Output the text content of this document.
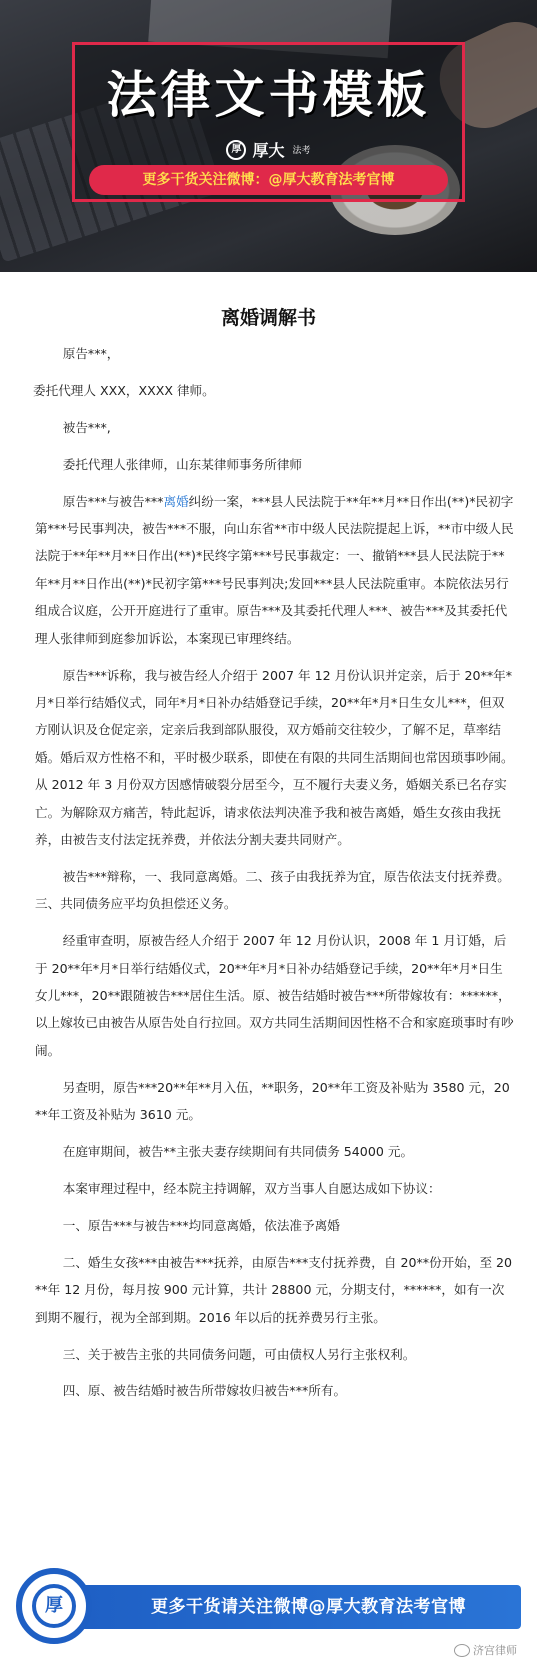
法律文书模板
厚 厚大 法考
更多干货关注微博：@厚大教育法考官博
离婚调解书

原告***，

委托代理人 XXX，XXXX 律师。

被告***,

委托代理人张律师，山东某律师事务所律师

原告***与被告***离婚纠纷一案，***县人民法院于**年**月**日作出(**)*民初字第***号民事判决，被告***不服，向山东省**市中级人民法院提起上诉，**市中级人民法院于**年**月**日作出(**)*民终字第***号民事裁定：一、撤销***县人民法院于**年**月**日作出(**)*民初字第***号民事判决;发回***县人民法院重审。本院依法另行组成合议庭，公开开庭进行了重审。原告***及其委托代理人***、被告***及其委托代理人张律师到庭参加诉讼，本案现已审理终结。

原告***诉称，我与被告经人介绍于 2007 年 12 月份认识并定亲，后于 20**年*月*日举行结婚仪式，同年*月*日补办结婚登记手续，20**年*月*日生女儿***，但双方刚认识及仓促定亲，定亲后我到部队服役，双方婚前交往较少，了解不足，草率结婚。婚后双方性格不和，平时极少联系，即使在有限的共同生活期间也常因琐事吵闹。从 2012 年 3 月份双方因感情破裂分居至今，互不履行夫妻义务，婚姻关系已名存实亡。为解除双方痛苦，特此起诉，请求依法判决准予我和被告离婚，婚生女孩由我抚养，由被告支付法定抚养费，并依法分割夫妻共同财产。

被告***辩称，一、我同意离婚。二、孩子由我抚养为宜，原告依法支付抚养费。三、共同债务应平均负担偿还义务。

经重审查明，原被告经人介绍于 2007 年 12 月份认识，2008 年 1 月订婚，后于 20**年*月*日举行结婚仪式，20**年*月*日补办结婚登记手续，20**年*月*日生女儿***，20**跟随被告***居住生活。原、被告结婚时被告***所带嫁妆有：******，以上嫁妆已由被告从原告处自行拉回。双方共同生活期间因性格不合和家庭琐事时有吵闹。

另查明，原告***20**年**月入伍，**职务，20**年工资及补贴为 3580 元，20**年工资及补贴为 3610 元。

在庭审期间，被告**主张夫妻存续期间有共同债务 54000 元。

本案审理过程中，经本院主持调解，双方当事人自愿达成如下协议：

一、原告***与被告***均同意离婚，依法准予离婚

二、婚生女孩***由被告***抚养，由原告***支付抚养费，自 20**份开始，至 20**年 12 月份，每月按 900 元计算，共计 28800 元，分期支付，******，如有一次到期不履行，视为全部到期。2016 年以后的抚养费另行主张。

三、关于被告主张的共同债务问题，可由债权人另行主张权利。

四、原、被告结婚时被告所带嫁妆归被告***所有。

更多干货请关注微博@厚大教育法考官博
厚
济宫律师
